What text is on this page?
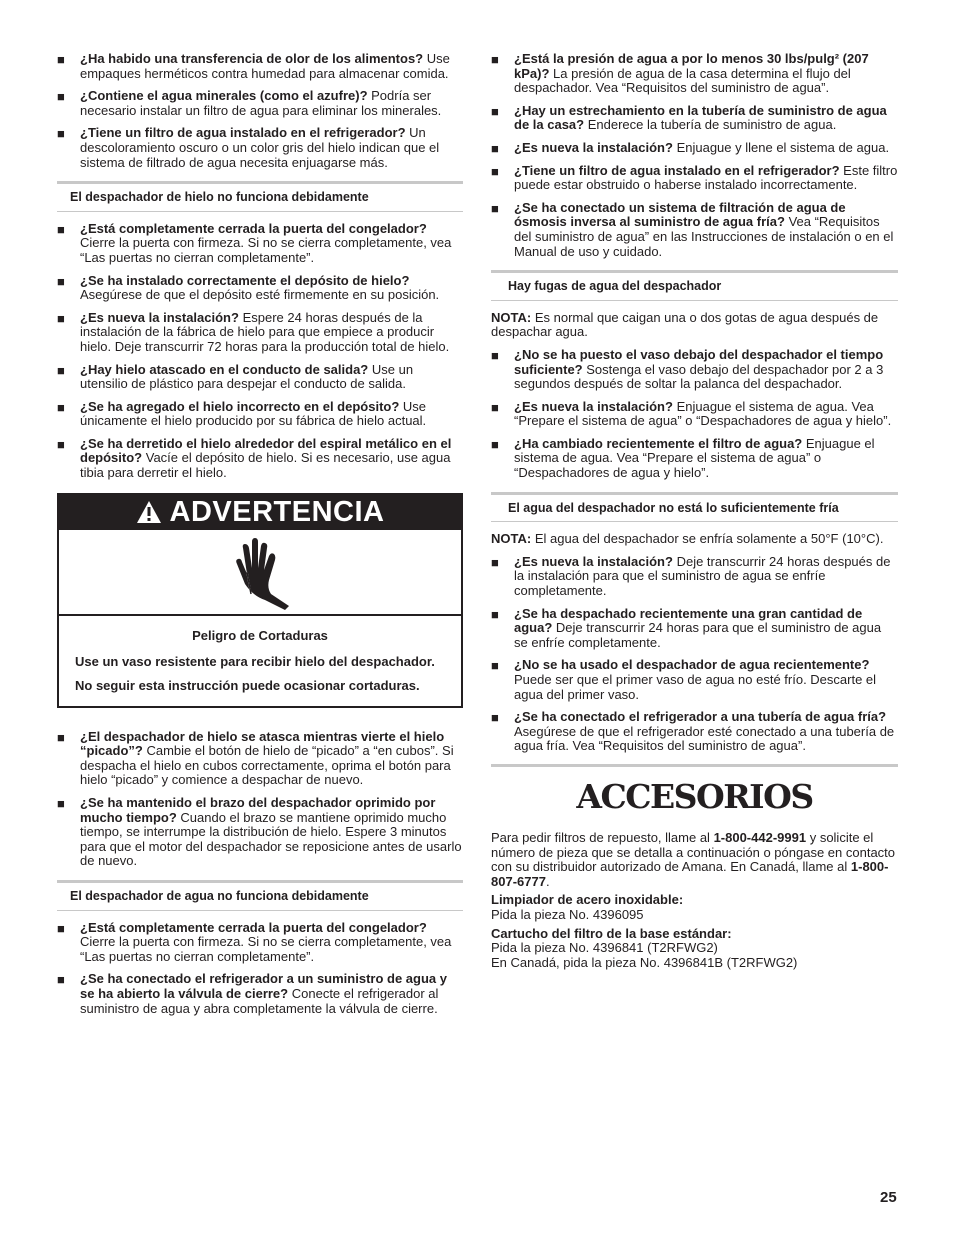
■ ¿Ha habido una transferencia de olor de los alimentos? Use empaques herméticos contra humedad para almacenar comida.
■ ¿Contiene el agua minerales (como el azufre)? Podría ser necesario instalar un filtro de agua para eliminar los minerales.
■ ¿Tiene un filtro de agua instalado en el refrigerador? Un descoloramiento oscuro o un color gris del hielo indican que el sistema de filtrado de agua necesita enjuagarse más.
El despachador de hielo no funciona debidamente
■ ¿Está completamente cerrada la puerta del congelador? Cierre la puerta con firmeza. Si no se cierra completamente, vea “Las puertas no cierran completamente”.
■ ¿Se ha instalado correctamente el depósito de hielo? Asegúrese de que el depósito esté firmemente en su posición.
■ ¿Es nueva la instalación? Espere 24 horas después de la instalación de la fábrica de hielo para que empiece a producir hielo. Deje transcurrir 72 horas para la producción total de hielo.
■ ¿Hay hielo atascado en el conducto de salida? Use un utensilio de plástico para despejar el conducto de salida.
■ ¿Se ha agregado el hielo incorrecto en el depósito? Use únicamente el hielo producido por su fábrica de hielo actual.
■ ¿Se ha derretido el hielo alrededor del espiral metálico en el depósito? Vacíe el depósito de hielo. Si es necesario, use agua tibia para derretir el hielo.
ADVERTENCIA
Peligro de Cortaduras

Use un vaso resistente para recibir hielo del despachador.

No seguir esta instrucción puede ocasionar cortaduras.

■ ¿El despachador de hielo se atasca mientras vierte el hielo “picado”? Cambie el botón de hielo de “picado” a “en cubos”. Si despacha el hielo en cubos correctamente, oprima el botón para hielo “picado” y comience a despachar de nuevo.
■ ¿Se ha mantenido el brazo del despachador oprimido por mucho tiempo? Cuando el brazo se mantiene oprimido mucho tiempo, se interrumpe la distribución de hielo. Espere 3 minutos para que el motor del despachador se reposicione antes de usarlo de nuevo.
El despachador de agua no funciona debidamente
■ ¿Está completamente cerrada la puerta del congelador? Cierre la puerta con firmeza. Si no se cierra completamente, vea “Las puertas no cierran completamente”.
■ ¿Se ha conectado el refrigerador a un suministro de agua y se ha abierto la válvula de cierre? Conecte el refrigerador al suministro de agua y abra completamente la válvula de cierre.
■ ¿Está la presión de agua a por lo menos 30 lbs/pulg² (207 kPa)? La presión de agua de la casa determina el flujo del despachador. Vea “Requisitos del suministro de agua”.
■ ¿Hay un estrechamiento en la tubería de suministro de agua de la casa? Enderece la tubería de suministro de agua.
■ ¿Es nueva la instalación? Enjuague y llene el sistema de agua.
■ ¿Tiene un filtro de agua instalado en el refrigerador? Este filtro puede estar obstruido o haberse instalado incorrectamente.
■ ¿Se ha conectado un sistema de filtración de agua de ósmosis inversa al suministro de agua fría? Vea “Requisitos del suministro de agua” en las Instrucciones de instalación o en el Manual de uso y cuidado.
Hay fugas de agua del despachador
NOTA: Es normal que caigan una o dos gotas de agua después de despachar agua.
■ ¿No se ha puesto el vaso debajo del despachador el tiempo suficiente? Sostenga el vaso debajo del despachador por 2 a 3 segundos después de soltar la palanca del despachador.
■ ¿Es nueva la instalación? Enjuague el sistema de agua. Vea “Prepare el sistema de agua” o “Despachadores de agua y hielo”.
■ ¿Ha cambiado recientemente el filtro de agua? Enjuague el sistema de agua. Vea “Prepare el sistema de agua” o “Despachadores de agua y hielo”.
El agua del despachador no está lo suficientemente fría
NOTA: El agua del despachador se enfría solamente a 50°F (10°C).
■ ¿Es nueva la instalación? Deje transcurrir 24 horas después de la instalación para que el suministro de agua se enfríe completamente.
■ ¿Se ha despachado recientemente una gran cantidad de agua? Deje transcurrir 24 horas para que el suministro de agua se enfríe completamente.
■ ¿No se ha usado el despachador de agua recientemente? Puede ser que el primer vaso de agua no esté frío. Descarte el agua del primer vaso.
■ ¿Se ha conectado el refrigerador a una tubería de agua fría? Asegúrese de que el refrigerador esté conectado a una tubería de agua fría. Vea “Requisitos del suministro de agua”.
ACCESORIOS
Para pedir filtros de repuesto, llame al 1-800-442-9991 y solicite el número de pieza que se detalla a continuación o póngase en contacto con su distribuidor autorizado de Amana. En Canadá, llame al 1-800-807-6777.
Limpiador de acero inoxidable:
Pida la pieza No. 4396095
Cartucho del filtro de la base estándar:
Pida la pieza No. 4396841 (T2RFWG2)
En Canadá, pida la pieza No. 4396841B (T2RFWG2)
25
